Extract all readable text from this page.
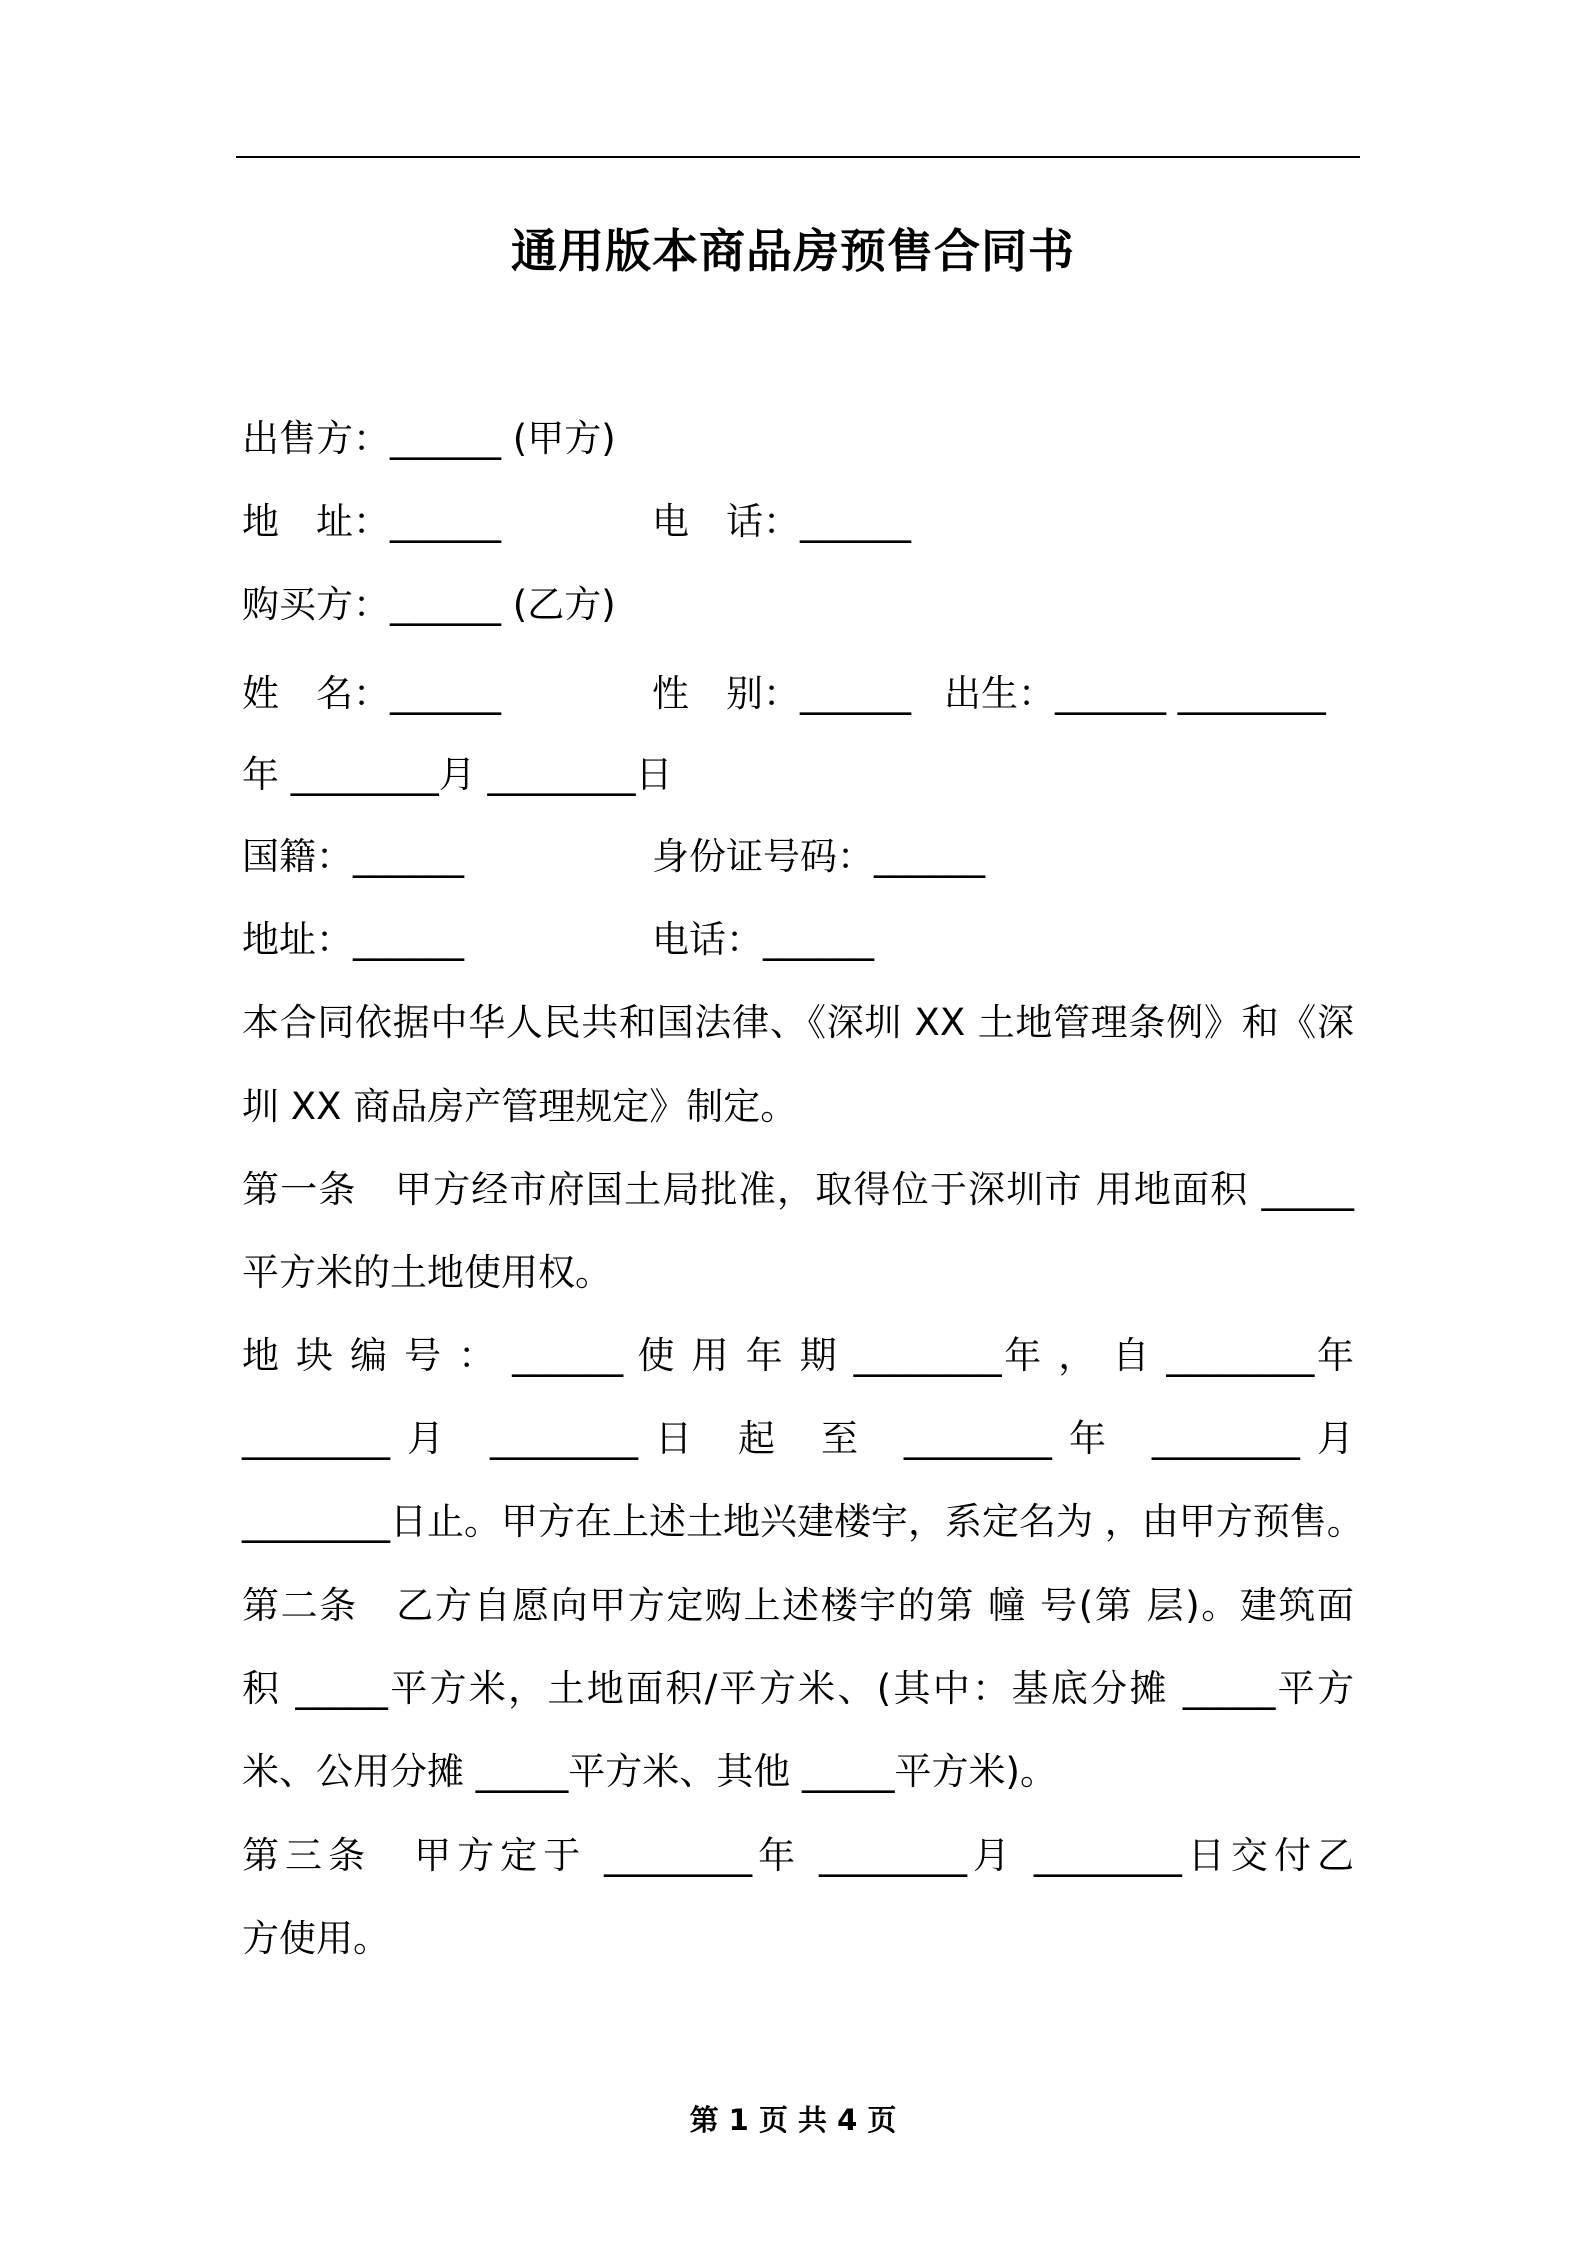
通用版本商品房预售合同书
出售方：______ (甲方)
地　址：______	电　话：______
购买方：______ (乙方)
姓　名：______	性　别：______ 出生：______ ________
年 ________月 ________日
国籍：______	身份证号码：______
地址：______	电话：______
本合同依据中华人民共和国法律、《深圳 XX 土地管理条例》和《深
圳 XX 商品房产管理规定》制定。
第一条　甲方经市府国土局批准，取得位于深圳市 用地面积 _____
平方米的土地使用权。
地 块 编 号 ： ______ 使 用 年 期 ________年 ， 自 ________年
________月 ________日 起 至 ________年 ________月
________日止。甲方在上述土地兴建楼宇，系定名为 ，由甲方预售。
第二条　乙方自愿向甲方定购上述楼宇的第 幢 号(第 层)。建筑面
积 _____平方米，土地面积/平方米、(其中：基底分摊 _____平方
米、公用分摊 _____平方米、其他 _____平方米)。
第三条　甲方定于 ________年 ________月 ________日交付乙
方使用。
第 1 页 共 4 页
